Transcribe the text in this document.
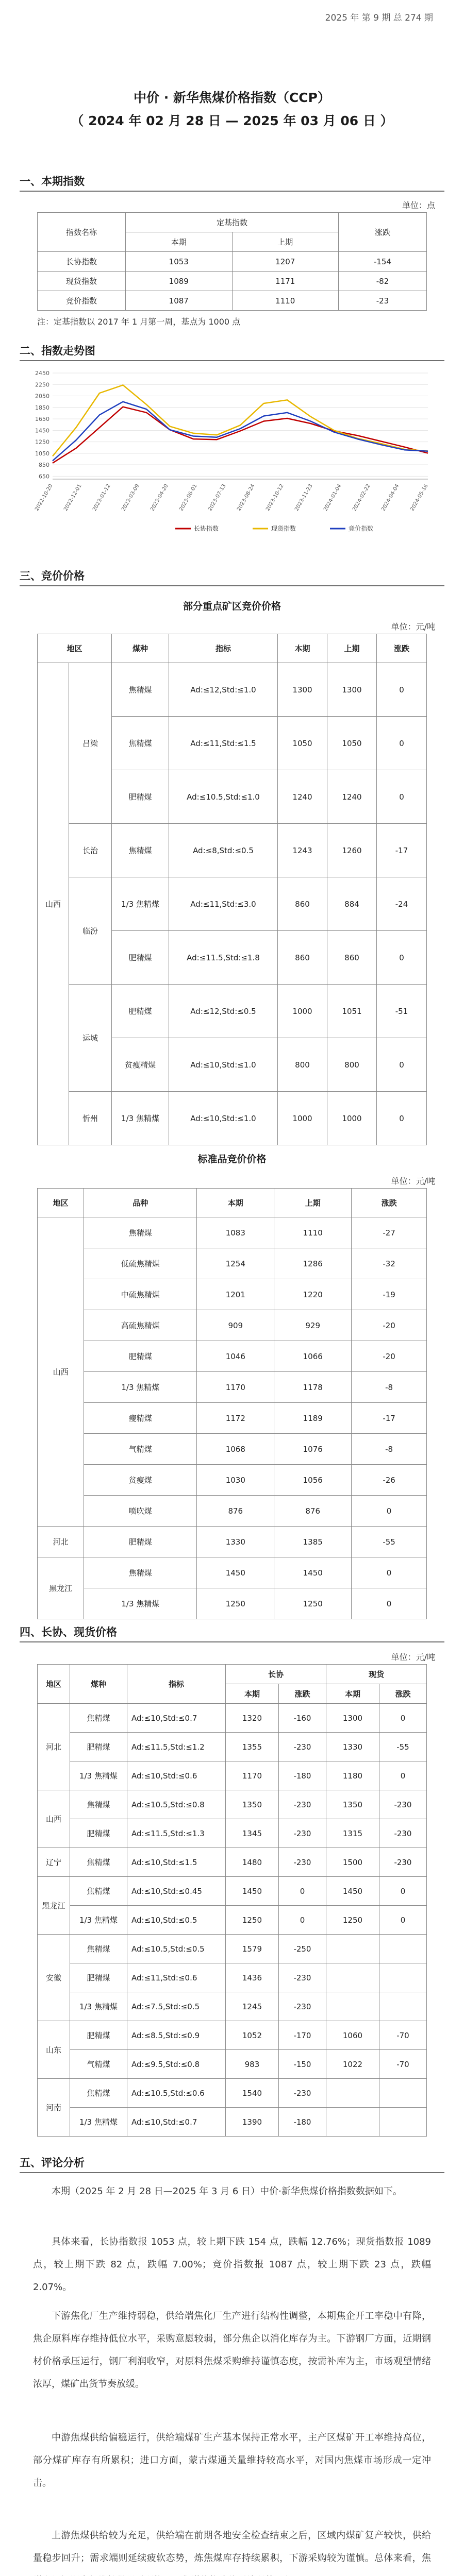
2025 年 第 9 期 总 274 期
中价 · 新华焦煤价格指数（CCP）
（ 2024 年 02 月 28 日 — 2025 年 03 月 06 日 ）
一、本期指数
单位：点
指数名称	定基指数		涨跌
	本期	上期	
长协指数	1053	1207	-154
现货指数	1089	1171	-82
竞价指数	1087	1110	-23
注：定基指数以 2017 年 1 月第一周，基点为 1000 点
二、指数走势图
2450
2250
2050
1850
1650
1450
1250
1050
850
650
2022-10-20 2022-12-01 2023-01-12 2023-03-09 2023-04-20 2023-06-01 2023-07-13 2023-08-24 2023-10-12 2023-11-23 2024-01-04 2024-02-22 2024-04-04 2024-05-16
长协指数	现货指数	竞价指数
三、竞价价格
部分重点矿区竞价价格
单位：元/吨
地区		煤种	指标	本期	上期	涨跌
山西	吕梁	焦精煤	Ad:≤12,Std:≤1.0	1300	1300	0
		焦精煤	Ad:≤11,Std:≤1.5	1050	1050	0
		肥精煤	Ad:≤10.5,Std:≤1.0	1240	1240	0
	长治	焦精煤	Ad:≤8,Std:≤0.5	1243	1260	-17
	临汾	1/3 焦精煤	Ad:≤11,Std:≤3.0	860	884	-24
		肥精煤	Ad:≤11.5,Std:≤1.8	860	860	0
	运城	肥精煤	Ad:≤12,Std:≤0.5	1000	1051	-51
		贫瘦精煤	Ad:≤10,Std:≤1.0	800	800	0
	忻州	1/3 焦精煤	Ad:≤10,Std:≤1.0	1000	1000	0
标准品竞价价格
单位：元/吨
地区	品种	本期	上期	涨跌
山西	焦精煤	1083	1110	-27
	低硫焦精煤	1254	1286	-32
	中硫焦精煤	1201	1220	-19
	高硫焦精煤	909	929	-20
	肥精煤	1046	1066	-20
	1/3 焦精煤	1170	1178	-8
	瘦精煤	1172	1189	-17
	气精煤	1068	1076	-8
	贫瘦煤	1030	1056	-26
	喷吹煤	876	876	0
河北	肥精煤	1330	1385	-55
黑龙江	焦精煤	1450	1450	0
	1/3 焦精煤	1250	1250	0
四、长协、现货价格
单位：元/吨
地区	煤种	指标	长协		现货	
			本期	涨跌	本期	涨跌
河北	焦精煤	Ad:≤10,Std:≤0.7	1320	-160	1300	0
	肥精煤	Ad:≤11.5,Std:≤1.2	1355	-230	1330	-55
	1/3 焦精煤	Ad:≤10,Std:≤0.6	1170	-180	1180	0
山西	焦精煤	Ad:≤10.5,Std:≤0.8	1350	-230	1350	-230
	肥精煤	Ad:≤11.5,Std:≤1.3	1345	-230	1315	-230
辽宁	焦精煤	Ad:≤10,Std:≤1.5	1480	-230	1500	-230
黑龙江	焦精煤	Ad:≤10,Std:≤0.45	1450	0	1450	0
	1/3 焦精煤	Ad:≤10,Std:≤0.5	1250	0	1250	0
安徽	焦精煤	Ad:≤10.5,Std:≤0.5	1579	-250		
	肥精煤	Ad:≤11,Std:≤0.6	1436	-230		
	1/3 焦精煤	Ad:≤7.5,Std:≤0.5	1245	-230		
山东	肥精煤	Ad:≤8.5,Std:≤0.9	1052	-170	1060	-70
	气精煤	Ad:≤9.5,Std:≤0.8	983	-150	1022	-70
河南	焦精煤	Ad:≤10.5,Std:≤0.6	1540	-230		
	1/3 焦精煤	Ad:≤10,Std:≤0.7	1390	-180		
五、评论分析
本期（2025 年 2 月 28 日—2025 年 3 月 6 日）中价·新华焦煤价格指数数据如下。
具体来看，长协指数报 1053 点，较上期下跌 154 点，跌幅 12.76%；现货指数报 1089 点，较上期下跌 82 点，跌幅 7.00%；竞价指数报 1087 点，较上期下跌 23 点，跌幅 2.07%。
下游焦化厂生产维持弱稳，供给端焦化厂生产进行结构性调整，本期焦企开工率稳中有降，焦企原料库存维持低位水平，采购意愿较弱，部分焦企以消化库存为主。下游钢厂方面，近期钢材价格承压运行，钢厂利润收窄，对原料焦煤采购维持谨慎态度，按需补库为主，市场观望情绪浓厚，煤矿出货节奏放缓。
中游焦煤供给偏稳运行，供给端煤矿生产基本保持正常水平，主产区煤矿开工率维持高位，部分煤矿库存有所累积；进口方面，蒙古煤通关量维持较高水平，对国内焦煤市场形成一定冲击。
上游焦煤供给较为充足，供给端在前期各地安全检查结束之后，区域内煤矿复产较快，供给量稳步回升；需求端则延续疲软态势，炼焦煤库存持续累积，下游采购较为谨慎。总体来看，焦
